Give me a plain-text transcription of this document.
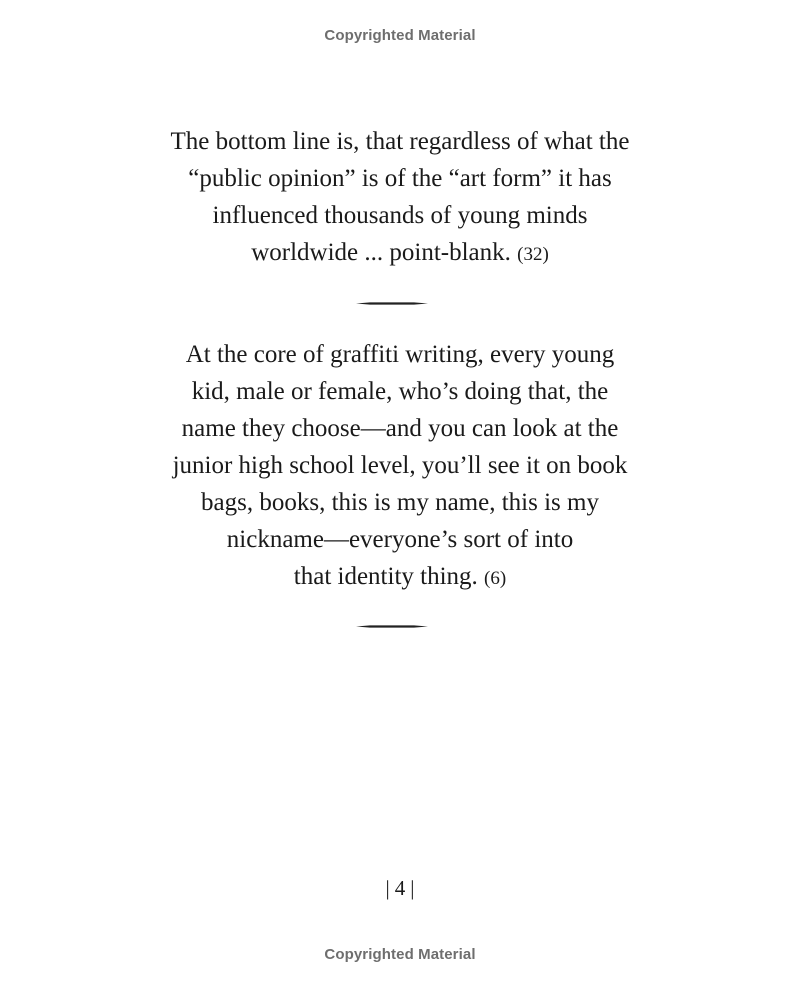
Copyrighted Material
The bottom line is, that regardless of what the
“public opinion” is of the “art form” it has
influenced thousands of young minds
worldwide ... point-blank. (32)
At the core of graffiti writing, every young
kid, male or female, who’s doing that, the
name they choose—and you can look at the
junior high school level, you’ll see it on book
bags, books, this is my name, this is my
nickname—everyone’s sort of into
that identity thing. (6)
| 4 |
Copyrighted Material
